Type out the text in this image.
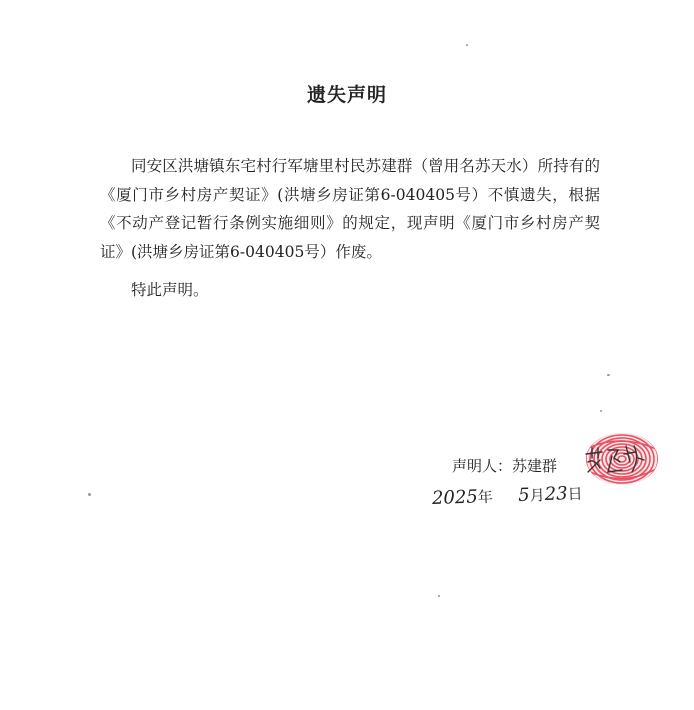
遗失声明

同安区洪塘镇东宅村行军塘里村民苏建群（曾用名苏天水）所持有的《厦门市乡村房产契证》(洪塘乡房证第6-040405号）不慎遗失，根据《不动产登记暂行条例实施细则》的规定，现声明《厦门市乡村房产契证》(洪塘乡房证第6-040405号）作废。

特此声明。

声明人：苏建群
2025年 5月23日
